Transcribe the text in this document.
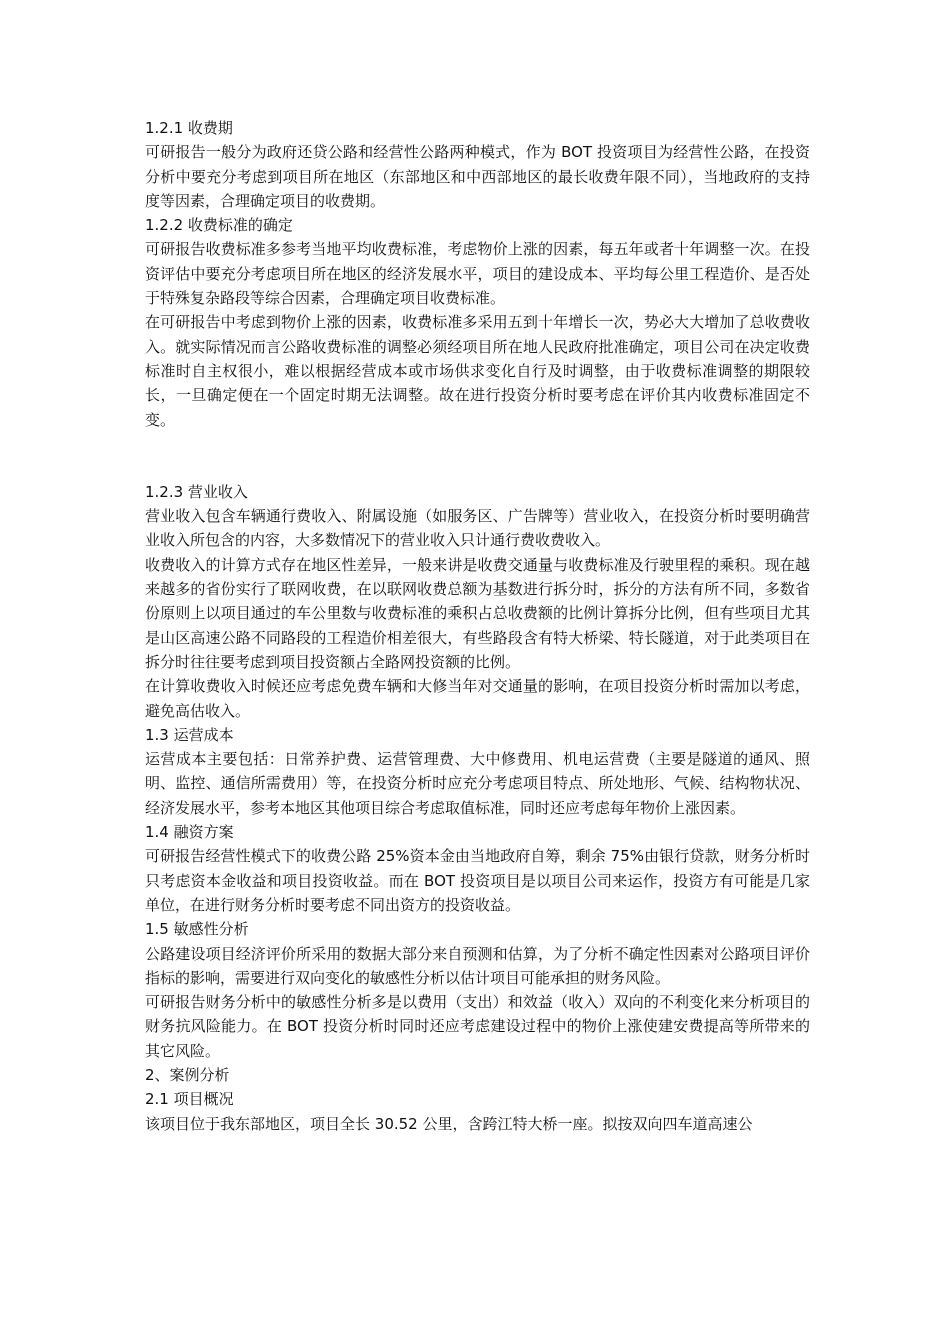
1.2.1 收费期

可研报告一般分为政府还贷公路和经营性公路两种模式，作为 BOT 投资项目为经营性公路，在投资分析中要充分考虑到项目所在地区（东部地区和中西部地区的最长收费年限不同），当地政府的支持度等因素，合理确定项目的收费期。

1.2.2 收费标准的确定

可研报告收费标准多参考当地平均收费标准，考虑物价上涨的因素，每五年或者十年调整一次。在投资评估中要充分考虑项目所在地区的经济发展水平，项目的建设成本、平均每公里工程造价、是否处于特殊复杂路段等综合因素，合理确定项目收费标准。

在可研报告中考虑到物价上涨的因素，收费标准多采用五到十年增长一次，势必大大增加了总收费收入。就实际情况而言公路收费标准的调整必须经项目所在地人民政府批准确定，项目公司在决定收费标准时自主权很小，难以根据经营成本或市场供求变化自行及时调整，由于收费标准调整的期限较长，一旦确定便在一个固定时期无法调整。故在进行投资分析时要考虑在评价其内收费标准固定不变。

1.2.3 营业收入

营业收入包含车辆通行费收入、附属设施（如服务区、广告牌等）营业收入，在投资分析时要明确营业收入所包含的内容，大多数情况下的营业收入只计通行费收费收入。

收费收入的计算方式存在地区性差异，一般来讲是收费交通量与收费标准及行驶里程的乘积。现在越来越多的省份实行了联网收费，在以联网收费总额为基数进行拆分时，拆分的方法有所不同，多数省份原则上以项目通过的车公里数与收费标准的乘积占总收费额的比例计算拆分比例，但有些项目尤其是山区高速公路不同路段的工程造价相差很大，有些路段含有特大桥梁、特长隧道，对于此类项目在拆分时往往要考虑到项目投资额占全路网投资额的比例。

在计算收费收入时候还应考虑免费车辆和大修当年对交通量的影响，在项目投资分析时需加以考虑，避免高估收入。

1.3 运营成本

运营成本主要包括：日常养护费、运营管理费、大中修费用、机电运营费（主要是隧道的通风、照明、监控、通信所需费用）等，在投资分析时应充分考虑项目特点、所处地形、气候、结构物状况、经济发展水平，参考本地区其他项目综合考虑取值标准，同时还应考虑每年物价上涨因素。

1.4 融资方案

可研报告经营性模式下的收费公路 25%资本金由当地政府自筹，剩余 75%由银行贷款，财务分析时只考虑资本金收益和项目投资收益。而在 BOT 投资项目是以项目公司来运作，投资方有可能是几家单位，在进行财务分析时要考虑不同出资方的投资收益。

1.5 敏感性分析

公路建设项目经济评价所采用的数据大部分来自预测和估算，为了分析不确定性因素对公路项目评价指标的影响，需要进行双向变化的敏感性分析以估计项目可能承担的财务风险。

可研报告财务分析中的敏感性分析多是以费用（支出）和效益（收入）双向的不利变化来分析项目的财务抗风险能力。在 BOT 投资分析时同时还应考虑建设过程中的物价上涨使建安费提高等所带来的其它风险。

2、案例分析
2.1 项目概况

该项目位于我东部地区，项目全长 30.52 公里，含跨江特大桥一座。拟按双向四车道高速公
